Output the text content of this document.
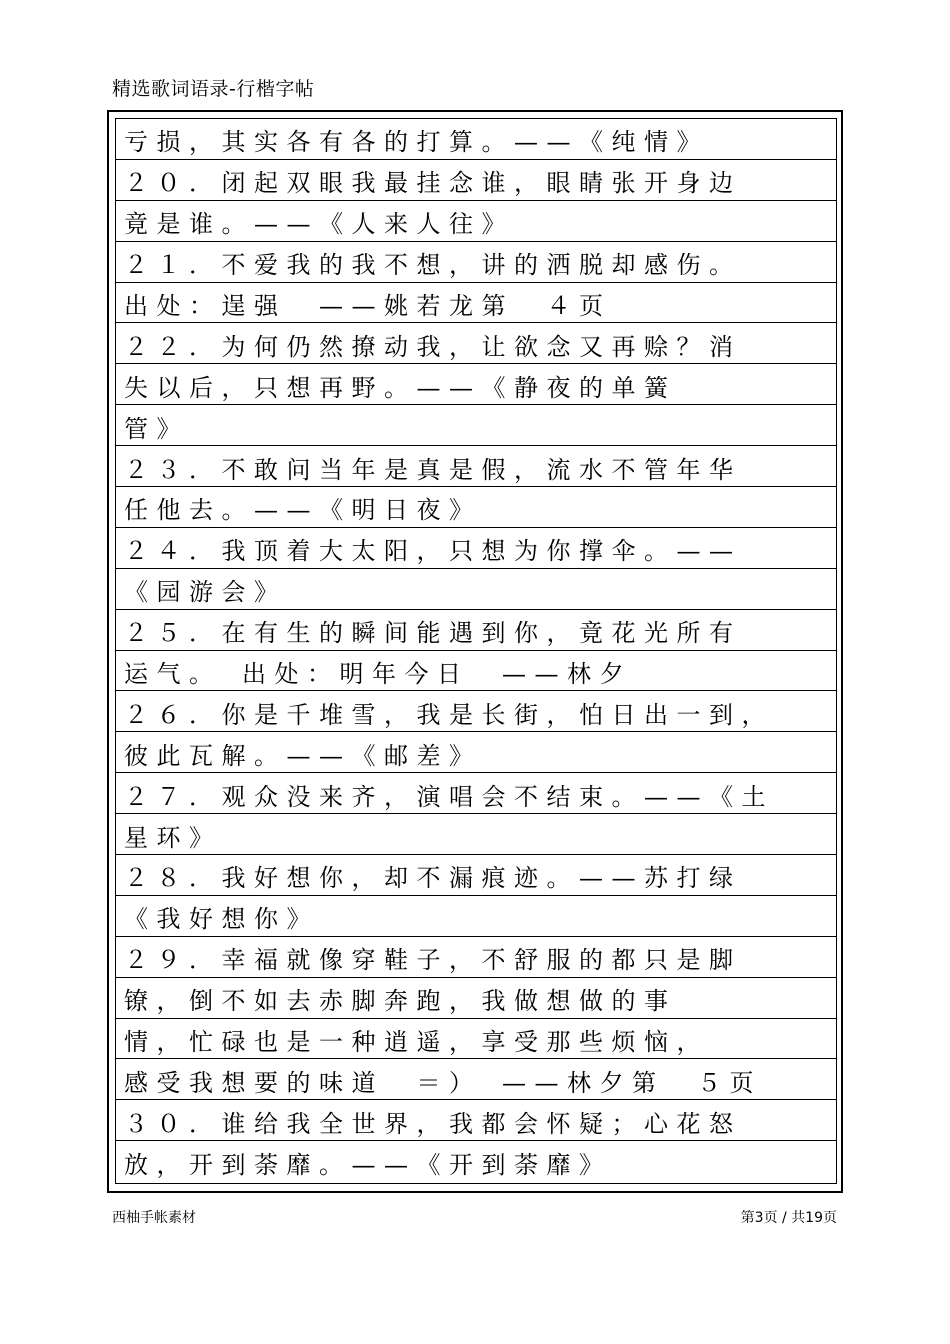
精选歌词语录-行楷字帖
亏损，其实各有各的打算。——《纯情》
２０．闭起双眼我最挂念谁，眼睛张开身边
竟是谁。——《人来人往》
２１．不爱我的我不想，讲的洒脱却感伤。
出处：逞强　——姚若龙第　４页
２２．为何仍然撩动我，让欲念又再赊？消
失以后，只想再野。——《静夜的单簧
管》
２３．不敢问当年是真是假，流水不管年华
任他去。——《明日夜》
２４．我顶着大太阳，只想为你撑伞。——
《园游会》
２５．在有生的瞬间能遇到你，竟花光所有
运气。　出处：明年今日　——林夕
２６．你是千堆雪，我是长街，怕日出一到，
彼此瓦解。——《邮差》
２７．观众没来齐，演唱会不结束。——《土
星环》
２８．我好想你，却不漏痕迹。——苏打绿
《我好想你》
２９．幸福就像穿鞋子，不舒服的都只是脚
镣，倒不如去赤脚奔跑，我做想做的事
情，忙碌也是一种逍遥，享受那些烦恼，
感受我想要的味道　＝）　——林夕第　５页
３０．谁给我全世界，我都会怀疑；心花怒
放，开到荼靡。——《开到荼靡》
西柚手帐素材	第3页 / 共19页
